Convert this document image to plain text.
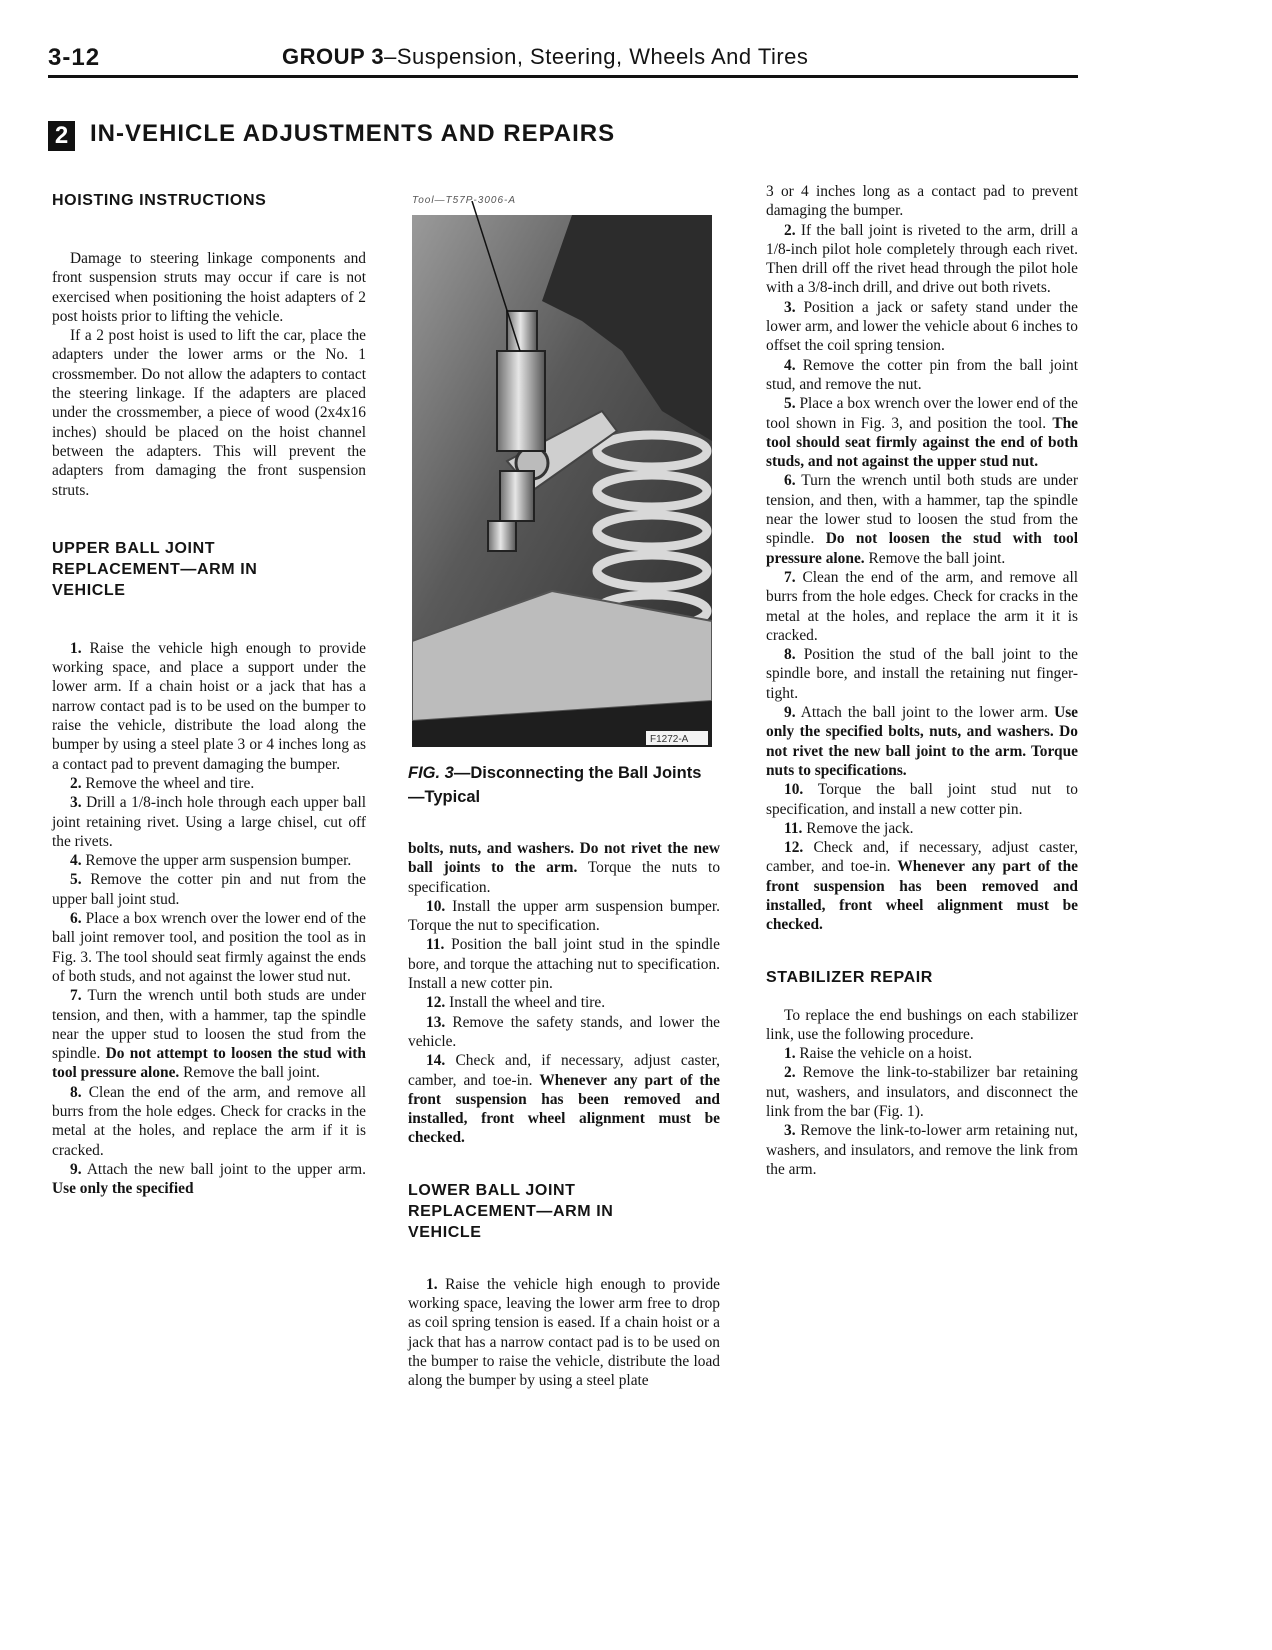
3-12	GROUP 3–Suspension, Steering, Wheels And Tires
2 IN-VEHICLE ADJUSTMENTS AND REPAIRS
HOISTING INSTRUCTIONS

Damage to steering linkage components and front suspension struts may occur if care is not exercised when positioning the hoist adapters of 2 post hoists prior to lifting the vehicle.

If a 2 post hoist is used to lift the car, place the adapters under the lower arms or the No. 1 crossmember. Do not allow the adapters to contact the steering linkage. If the adapters are placed under the crossmember, a piece of wood (2x4x16 inches) should be placed on the hoist channel between the adapters. This will prevent the adapters from damaging the front suspension struts.

UPPER BALL JOINT
REPLACEMENT—ARM IN
VEHICLE

1. Raise the vehicle high enough to provide working space, and place a support under the lower arm. If a chain hoist or a jack that has a narrow contact pad is to be used on the bumper to raise the vehicle, distribute the load along the bumper by using a steel plate 3 or 4 inches long as a contact pad to prevent damaging the bumper.

2. Remove the wheel and tire.

3. Drill a 1/8-inch hole through each upper ball joint retaining rivet. Using a large chisel, cut off the rivets.

4. Remove the upper arm suspension bumper.

5. Remove the cotter pin and nut from the upper ball joint stud.

6. Place a box wrench over the lower end of the ball joint remover tool, and position the tool as in Fig. 3. The tool should seat firmly against the ends of both studs, and not against the lower stud nut.

7. Turn the wrench until both studs are under tension, and then, with a hammer, tap the spindle near the upper stud to loosen the stud from the spindle. Do not attempt to loosen the stud with tool pressure alone. Remove the ball joint.

8. Clean the end of the arm, and remove all burrs from the hole edges. Check for cracks in the metal at the holes, and replace the arm if it is cracked.

9. Attach the new ball joint to the upper arm. Use only the specified

Tool—T57P-3006-A
F1272-A
FIG. 3—Disconnecting the Ball Joints —Typical

bolts, nuts, and washers. Do not rivet the new ball joints to the arm. Torque the nuts to specification.

10. Install the upper arm suspension bumper. Torque the nut to specification.

11. Position the ball joint stud in the spindle bore, and torque the attaching nut to specification. Install a new cotter pin.

12. Install the wheel and tire.

13. Remove the safety stands, and lower the vehicle.

14. Check and, if necessary, adjust caster, camber, and toe-in. Whenever any part of the front suspension has been removed and installed, front wheel alignment must be checked.

LOWER BALL JOINT
REPLACEMENT—ARM IN
VEHICLE

1. Raise the vehicle high enough to provide working space, leaving the lower arm free to drop as coil spring tension is eased. If a chain hoist or a jack that has a narrow contact pad is to be used on the bumper to raise the vehicle, distribute the load along the bumper by using a steel plate

3 or 4 inches long as a contact pad to prevent damaging the bumper.

2. If the ball joint is riveted to the arm, drill a 1/8-inch pilot hole completely through each rivet. Then drill off the rivet head through the pilot hole with a 3/8-inch drill, and drive out both rivets.

3. Position a jack or safety stand under the lower arm, and lower the vehicle about 6 inches to offset the coil spring tension.

4. Remove the cotter pin from the ball joint stud, and remove the nut.

5. Place a box wrench over the lower end of the tool shown in Fig. 3, and position the tool. The tool should seat firmly against the end of both studs, and not against the upper stud nut.

6. Turn the wrench until both studs are under tension, and then, with a hammer, tap the spindle near the lower stud to loosen the stud from the spindle. Do not loosen the stud with tool pressure alone. Remove the ball joint.

7. Clean the end of the arm, and remove all burrs from the hole edges. Check for cracks in the metal at the holes, and replace the arm it it is cracked.

8. Position the stud of the ball joint to the spindle bore, and install the retaining nut finger-tight.

9. Attach the ball joint to the lower arm. Use only the specified bolts, nuts, and washers. Do not rivet the new ball joint to the arm. Torque nuts to specifications.

10. Torque the ball joint stud nut to specification, and install a new cotter pin.

11. Remove the jack.

12. Check and, if necessary, adjust caster, camber, and toe-in. Whenever any part of the front suspension has been removed and installed, front wheel alignment must be checked.

STABILIZER REPAIR

To replace the end bushings on each stabilizer link, use the following procedure.

1. Raise the vehicle on a hoist.

2. Remove the link-to-stabilizer bar retaining nut, washers, and insulators, and disconnect the link from the bar (Fig. 1).

3. Remove the link-to-lower arm retaining nut, washers, and insulators, and remove the link from the arm.
